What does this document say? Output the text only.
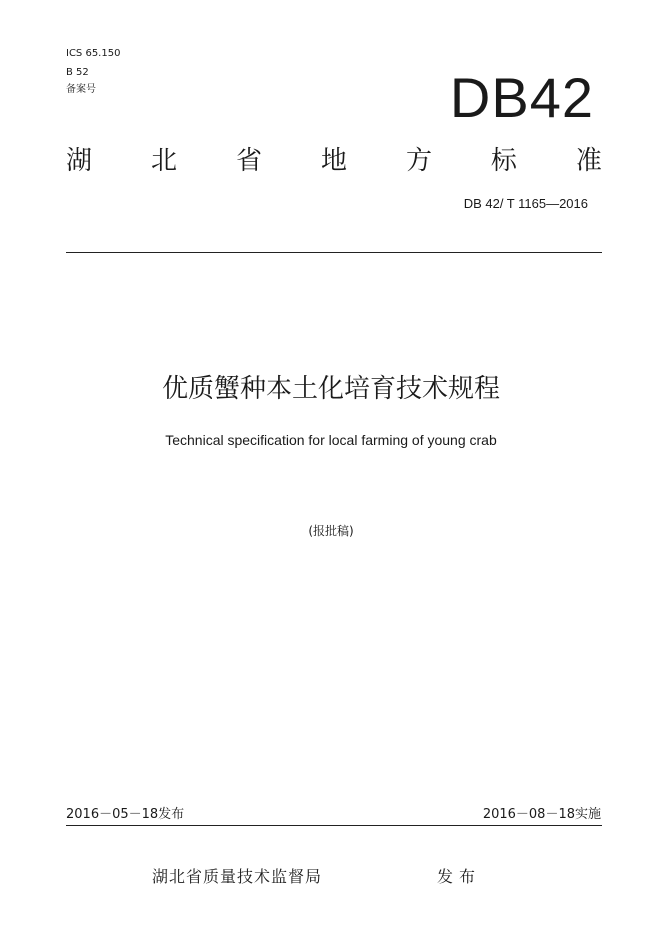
ICS 65.150
B 52
备案号	DB42
湖 北 省 地 方 标 准
DB 42/ T 1165—2016
优质蟹种本土化培育技术规程
Technical specification for local farming of young crab
(报批稿)
2016－05－18发布	2016－08－18实施
湖北省质量技术监督局	发布
